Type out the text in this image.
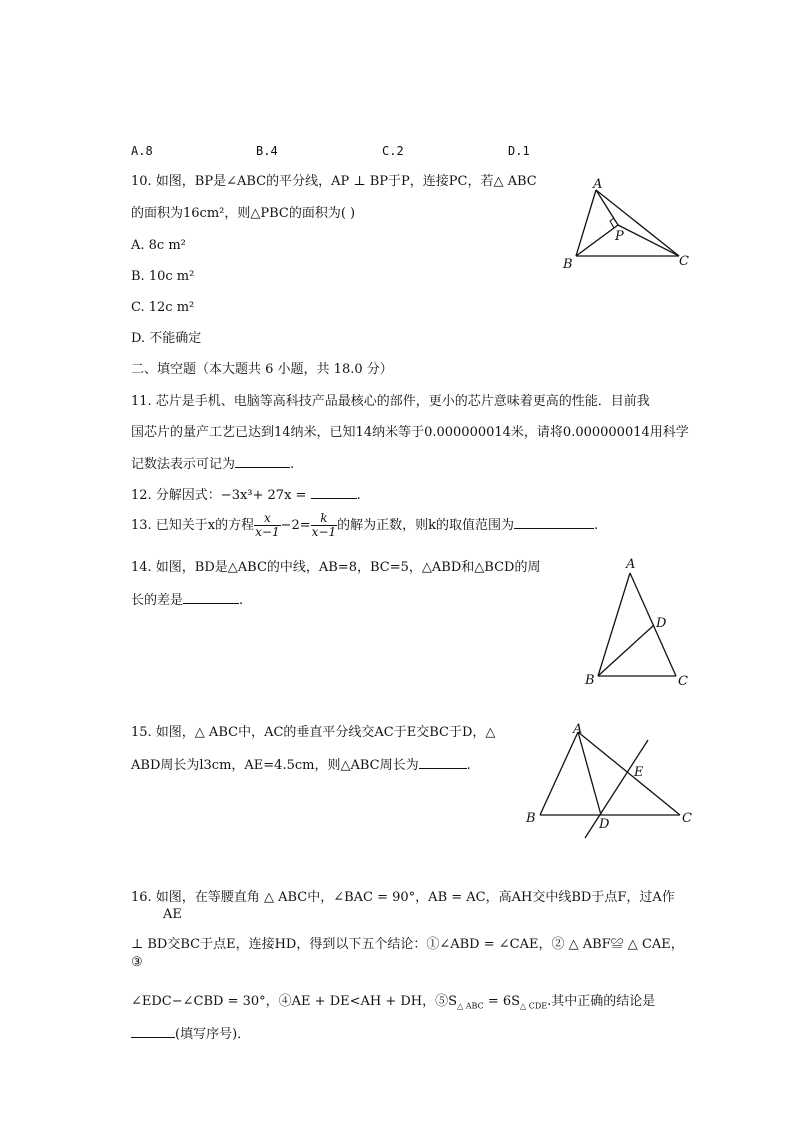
A.8	B.4	C.2	D.1
10. 如图，BP是∠ABC的平分线，AP ⊥ BP于P，连接PC，若△ ABC
的面积为16cm²，则△PBC的面积为( )
A. 8c m²
B. 10c m²
C. 12c m²
D. 不能确定
A
B	C
P
二、填空题（本大题共 6 小题，共 18.0 分）
11. 芯片是手机、电脑等高科技产品最核心的部件，更小的芯片意味着更高的性能．目前我
国芯片的量产工艺已达到14纳米，已知14纳米等于0.000000014米，请将0.000000014用科学
记数法表示可记为	.
12. 分解因式：−3x³+ 27x =	.
13. 已知关于x的方程 $\frac{x}{x-1} -2= \frac{k}{x-1}$ 的解为正数，则k的取值范围为	.
14. 如图，BD是△ABC的中线，AB=8，BC=5，△ABD和△BCD的周
长的差是	.
A
B	C
D
15. 如图，△ ABC中，AC的垂直平分线交AC于E交BC于D，△
ABD周长为l3cm，AE=4.5cm，则△ABC周长为	.
A
B	C
D
E
16. 如图，在等腰直角 △ ABC中，∠BAC = 90°，AB = AC，高AH交中线BD于点F，过A作
AE
⊥ BD交BC于点E，连接HD，得到以下五个结论：①∠ABD = ∠CAE，② △ ABF≌ △ CAE，
③
∠EDC−∠CBD = 30°，④AE + DE<AH + DH，$⑤S_{\triangle ABC} = 6S_{\triangle CDE}$.其中正确的结论是
(填写序号)．
